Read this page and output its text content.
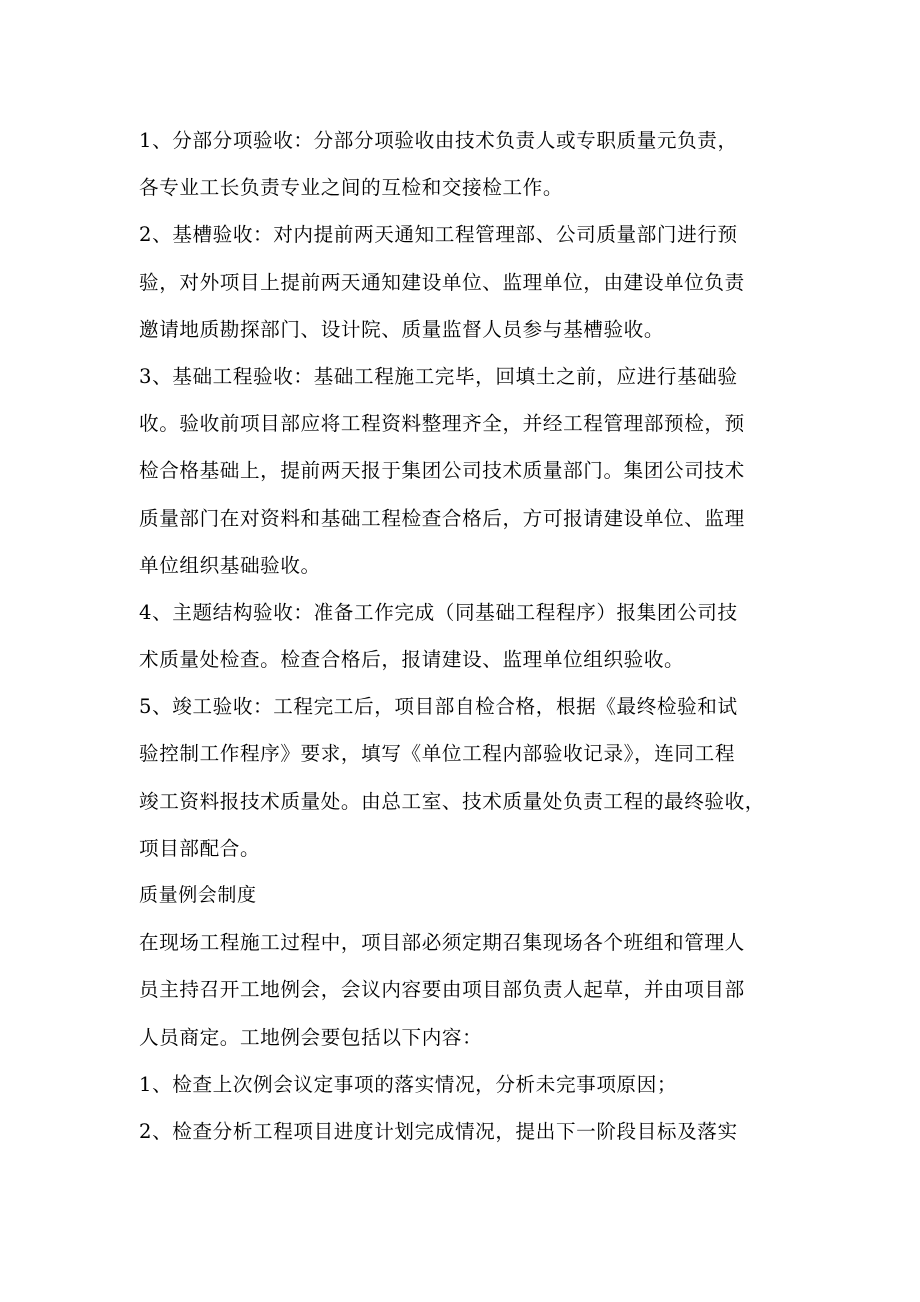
1、分部分项验收：分部分项验收由技术负责人或专职质量元负责，
各专业工长负责专业之间的互检和交接检工作。
2、基槽验收：对内提前两天通知工程管理部、公司质量部门进行预
验，对外项目上提前两天通知建设单位、监理单位，由建设单位负责
邀请地质勘探部门、设计院、质量监督人员参与基槽验收。
3、基础工程验收：基础工程施工完毕，回填土之前，应进行基础验
收。验收前项目部应将工程资料整理齐全，并经工程管理部预检，预
检合格基础上，提前两天报于集团公司技术质量部门。集团公司技术
质量部门在对资料和基础工程检查合格后，方可报请建设单位、监理
单位组织基础验收。
4、主题结构验收：准备工作完成（同基础工程程序）报集团公司技
术质量处检查。检查合格后，报请建设、监理单位组织验收。
5、竣工验收：工程完工后，项目部自检合格，根据《最终检验和试
验控制工作程序》要求，填写《单位工程内部验收记录》，连同工程
竣工资料报技术质量处。由总工室、技术质量处负责工程的最终验收，
项目部配合。
质量例会制度
在现场工程施工过程中，项目部必须定期召集现场各个班组和管理人
员主持召开工地例会，会议内容要由项目部负责人起草，并由项目部
人员商定。工地例会要包括以下内容：
1、检查上次例会议定事项的落实情况，分析未完事项原因；
2、检查分析工程项目进度计划完成情况，提出下一阶段目标及落实
